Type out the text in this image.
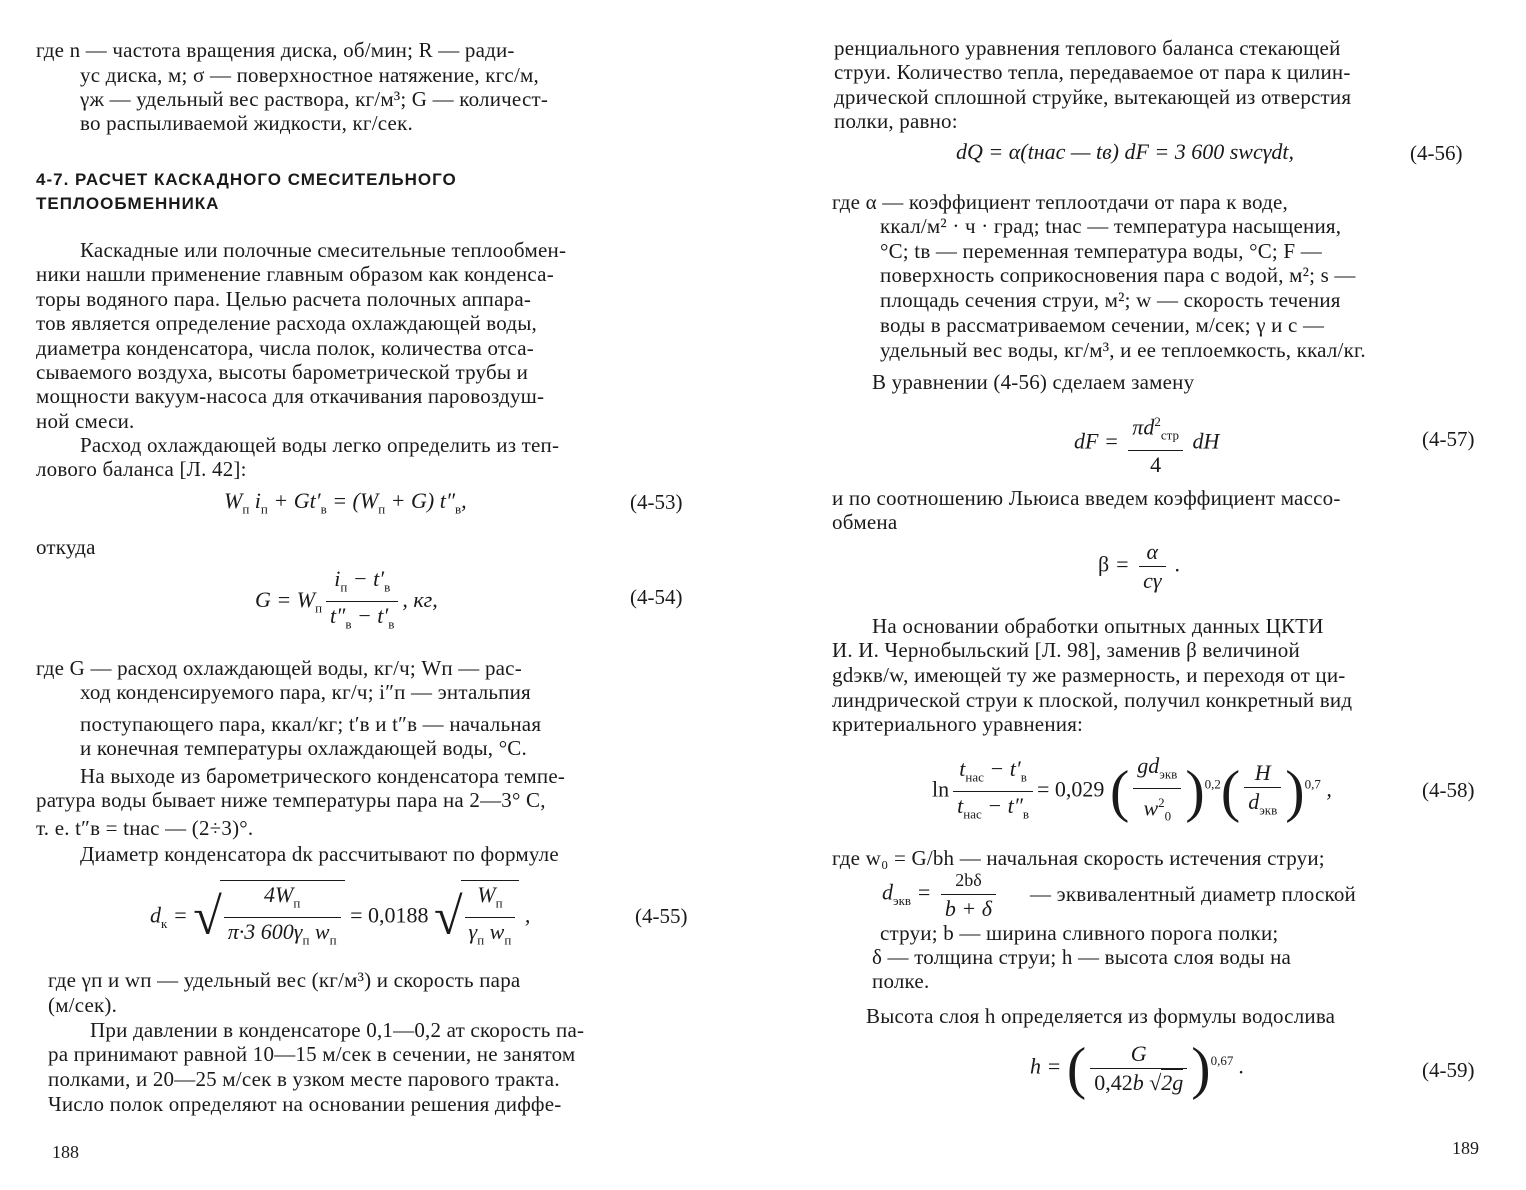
где n — частота вращения диска, об/мин; R — ради-
ус диска, м; σ — поверхностное натяжение, кгс/м,
γж — удельный вес раствора, кг/м³; G — количест-
во распыливаемой жидкости, кг/сек.
4-7. РАСЧЕТ КАСКАДНОГО СМЕСИТЕЛЬНОГО
ТЕПЛООБМЕННИКА
Каскадные или полочные смесительные теплообмен-
ники нашли применение главным образом как конденса-
торы водяного пара. Целью расчета полочных аппара-
тов является определение расхода охлаждающей воды,
диаметра конденсатора, числа полок, количества отса-
сываемого воздуха, высоты барометрической трубы и
мощности вакуум-насоса для откачивания паровоздуш-
ной смеси.
Расход охлаждающей воды легко определить из теп-
лового баланса [Л. 42]:
$W_п$ $i_п + Gt'_в = (W_п + G)$ $t''_в$,	(4-53)
откуда
$G = W_п \frac{i_п - t'_в}{t''_в - t'_в}$ , кг,	(4-54)
где G — расход охлаждающей воды, кг/ч; Wп — рас-
ход конденсируемого пара, кг/ч; i″п — энтальпия
поступающего пара, ккал/кг; t′в и t″в — начальная
и конечная температуры охлаждающей воды, °C.
На выходе из барометрического конденсатора темпе-
ратура воды бывает ниже температуры пара на 2—3° С,
т. е. t″в = tнас — (2÷3)°.
Диаметр конденсатора dк рассчитывают по формуле
$d_к$ = √ $\frac{4W_п}{\pi\cdot 3 600\gamma_п w_п} = 0,0188$ √ $\frac{W_п}{\gamma_п w_п}$ ,	(4-55)
где γп и wп — удельный вес (кг/м³) и скорость пара
(м/сек).
При давлении в конденсаторе 0,1—0,2 ат скорость па-
ра принимают равной 10—15 м/сек в сечении, не занятом
полками, и 20—25 м/сек в узком месте парового тракта.
Число полок определяют на основании решения диффе-
188
ренциального уравнения теплового баланса стекающей
струи. Количество тепла, передаваемое от пара к цилин-
дрической сплошной струйке, вытекающей из отверстия
полки, равно:
dQ = α(tнас — tв) dF = 3 600 swcγdt,	(4-56)
где α — коэффициент теплоотдачи от пара к воде,
ккал/м² · ч · град; tнас — температура насыщения,
°C; tв — переменная температура воды, °C; F —
поверхность соприкосновения пара с водой, м²; s —
площадь сечения струи, м²; w — скорость течения
воды в рассматриваемом сечении, м/сек; γ и c —
удельный вес воды, кг/м³, и ее теплоемкость, ккал/кг.
В уравнении (4-56) сделаем замену
dF = $\frac{\pi d^2_{стр}}{4}$ dH	(4-57)
и по соотношению Льюиса введем коэффициент массо-
обмена
$\beta = \frac{\alpha}{c\gamma}$ .
На основании обработки опытных данных ЦКТИ
И. И. Чернобыльский [Л. 98], заменив β величиной
gdэкв/w, имеющей ту же размерность, и переходя от ци-
линдрической струи к плоской, получил конкретный вид
критериального уравнения:
$\ln \frac{t_{нас} - t'_в}{t_{нас} - t''_в} = 0,029$ ( $\frac{gd_{экв}}{w^2_0} )^{0,2}( \frac{H}{d_{экв}} )^{0,7}$ ,	(4-58)
где w₀ = G/bh — начальная скорость истечения струи;
$d_{экв} = \frac{2b\delta}{b + \delta}$ — эквивалентный диаметр плоской
струи; b — ширина сливного порога полки;
δ — толщина струи; h — высота слоя воды на
полке.
Высота слоя h определяется из формулы водослива
h = ( $\frac{G}{0,42b √2g} )^{0,67}$ .	(4-59)
189
